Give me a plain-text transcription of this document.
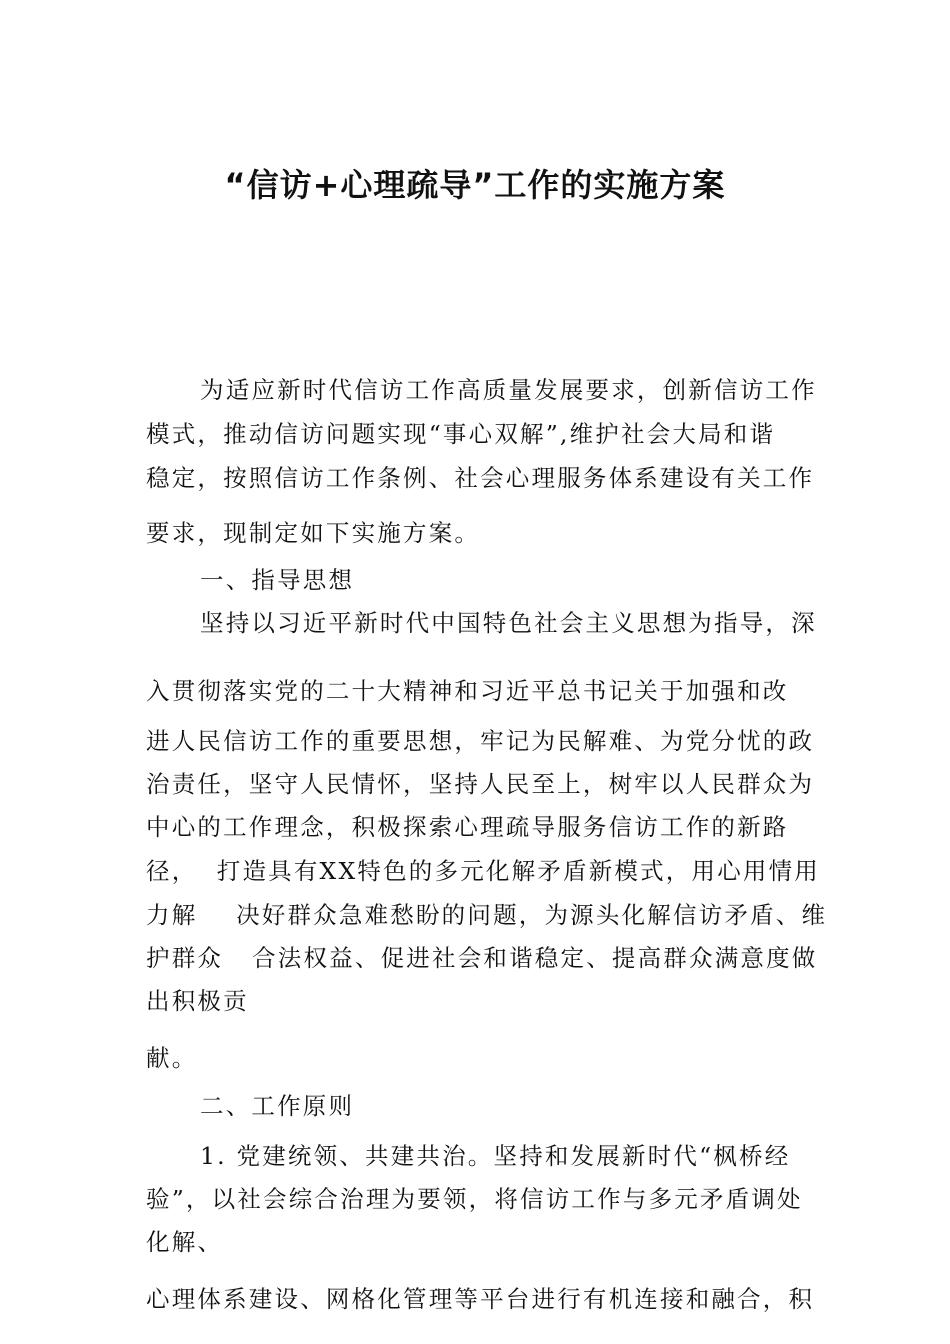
“信访+心理疏导”工作的实施方案

为适应新时代信访工作高质量发展要求，创新信访工作

模式，推动信访问题实现“事心双解”,维护社会大局和谐

稳定，按照信访工作条例、社会心理服务体系建设有关工作

要求，现制定如下实施方案。

一、指导思想

坚持以习近平新时代中国特色社会主义思想为指导，深

入贯彻落实党的二十大精神和习近平总书记关于加强和改

进人民信访工作的重要思想，牢记为民解难、为党分忧的政

治责任，坚守人民情怀，坚持人民至上，树牢以人民群众为

中心的工作理念，积极探索心理疏导服务信访工作的新路

径，  打造具有XX特色的多元化解矛盾新模式，用心用情用

力解    决好群众急难愁盼的问题，为源头化解信访矛盾、维

护群众   合法权益、促进社会和谐稳定、提高群众满意度做

出积极贡

献。

二、工作原则

1. 党建统领、共建共治。坚持和发展新时代“枫桥经

验”，以社会综合治理为要领，将信访工作与多元矛盾调处

化解、

心理体系建设、网格化管理等平台进行有机连接和融合，积
